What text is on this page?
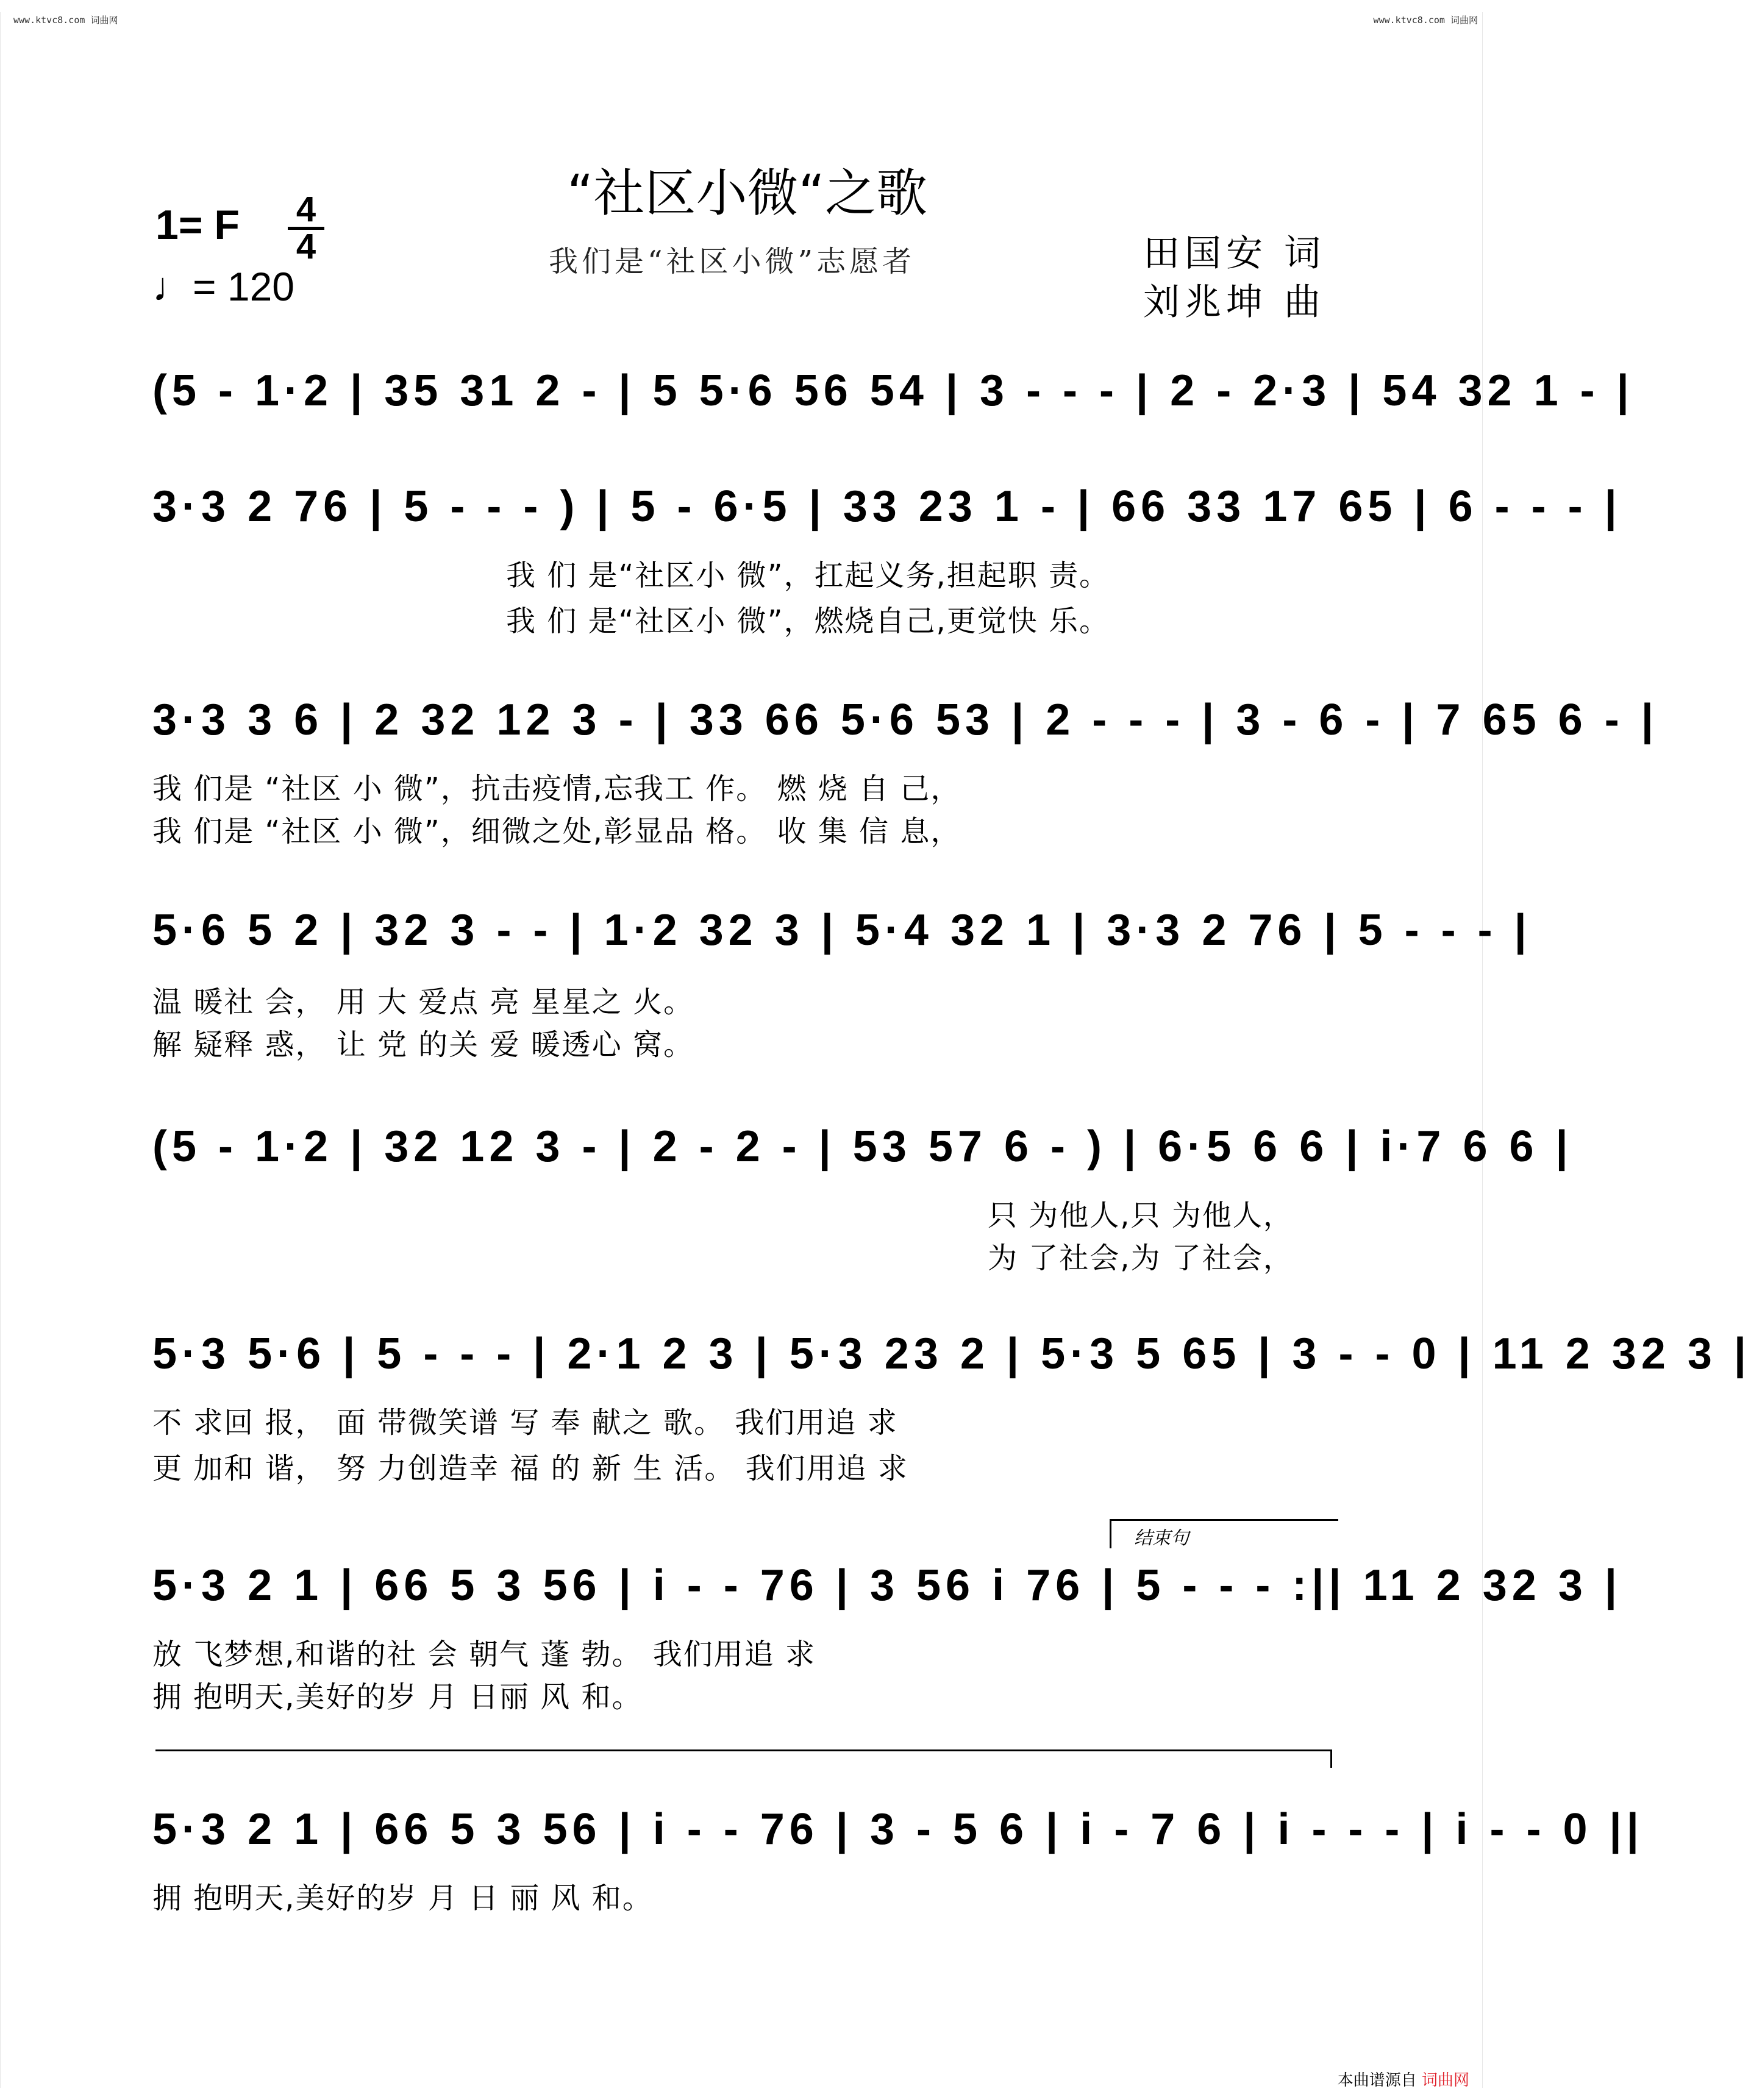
www.ktvc8.com 词曲网	www.ktvc8.com 词曲网
“社区小微“之歌
我们是“社区小微”志愿者
1= F 4
4
♩= 120
田国安 词
刘兆坤 曲
(5 - 1·2 | 35 31 2 - | 5 5·6 56 54 | 3 - - - | 2 - 2·3 | 54 32 1 - |
3·3 2 76 | 5 - - - ) | 5 - 6·5 | 33 23 1 - | 66 33 17 65 | 6 - - - |
我 们 是“社区小 微”，扛起义务,担起职 责。
我 们 是“社区小 微”，燃烧自己,更觉快 乐。
3·3 3 6 | 2 32 12 3 - | 33 66 5·6 53 | 2 - - - | 3 - 6 - | 7 65 6 - |
我 们是 “社区 小 微”，抗击疫情,忘我工 作。 燃 烧 自 己，
我 们是 “社区 小 微”，细微之处,彰显品 格。 收 集 信 息，
5·6 5 2 | 32 3 - - | 1·2 32 3 | 5·4 32 1 | 3·3 2 76 | 5 - - - |
温 暖社 会， 用 大 爱点 亮 星星之 火。
解 疑释 惑， 让 党 的关 爱 暖透心 窝。
(5 - 1·2 | 32 12 3 - | 2 - 2 - | 53 57 6 - ) | 6·5 6 6 | i·7 6 6 |
只 为他人,只 为他人，
为 了社会,为 了社会，
5·3 5·6 | 5 - - - | 2·1 2 3 | 5·3 23 2 | 5·3 5 65 | 3 - - 0 | 11 2 32 3 |
不 求回 报， 面 带微笑谱 写 奉 献之 歌。 我们用追 求
更 加和 谐， 努 力创造幸 福 的 新 生 活。 我们用追 求
结束句
5·3 2 1 | 66 5 3 56 | i - - 76 | 3 56 i 76 | 5 - - - :|| 11 2 32 3 |
放 飞梦想,和谐的社 会 朝气 蓬 勃。 我们用追 求
拥 抱明天,美好的岁 月 日丽 风 和。
5·3 2 1 | 66 5 3 56 | i - - 76 | 3 - 5 6 | i - 7 6 | i - - - | i - - 0 ||
拥 抱明天,美好的岁 月 日 丽 风 和。
本曲谱源自 词曲网
